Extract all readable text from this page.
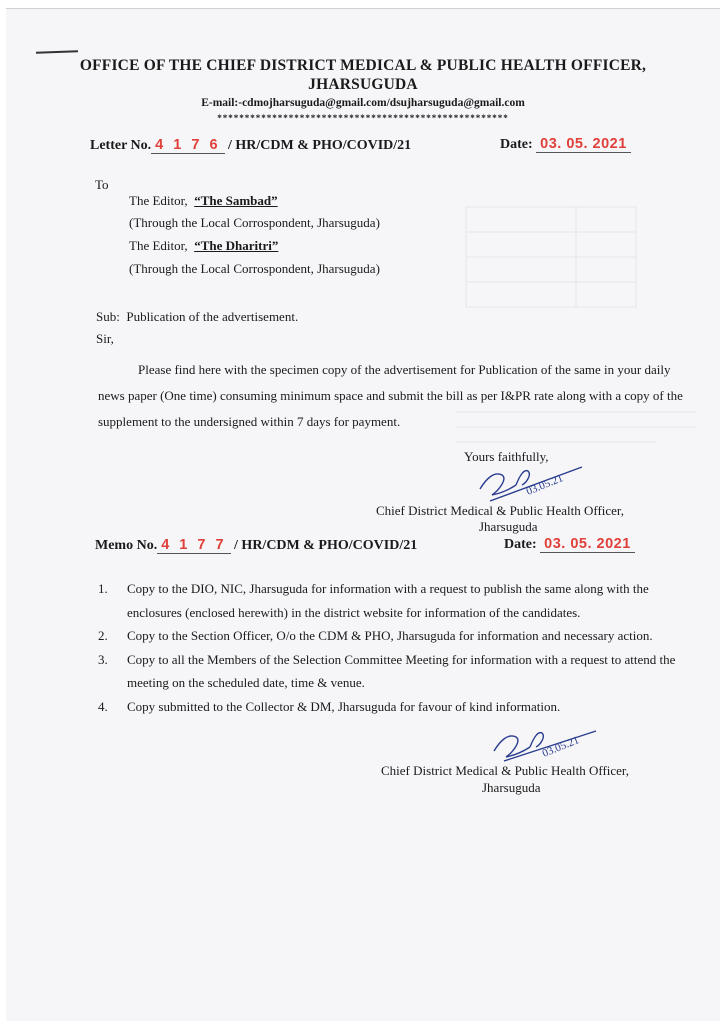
OFFICE OF THE CHIEF DISTRICT MEDICAL & PUBLIC HEALTH OFFICER,
JHARSUGUDA
E-mail:-cdmojharsuguda@gmail.com/dsujharsuguda@gmail.com
*****************************************************
Letter No. 4 1 7 6 / HR/CDM & PHO/COVID/21	Date: 03. 05. 2021
To
The Editor, “The Sambad”
(Through the Local Corrospondent, Jharsuguda)
The Editor, “The Dharitri”
(Through the Local Corrospondent, Jharsuguda)
Sub: Publication of the advertisement.
Sir,
Please find here with the specimen copy of the advertisement for Publication of the same in your daily news paper (One time) consuming minimum space and submit the bill as per I&PR rate along with a copy of the supplement to the undersigned within 7 days for payment.
Yours faithfully,
03.05.21
Chief District Medical & Public Health Officer,
Jharsuguda
Memo No. 4 1 7 7 / HR/CDM & PHO/COVID/21	Date: 03. 05. 2021
1. Copy to the DIO, NIC, Jharsuguda for information with a request to publish the same along with the enclosures (enclosed herewith) in the district website for information of the candidates.
2. Copy to the Section Officer, O/o the CDM & PHO, Jharsuguda for information and necessary action.
3. Copy to all the Members of the Selection Committee Meeting for information with a request to attend the meeting on the scheduled date, time & venue.
4. Copy submitted to the Collector & DM, Jharsuguda for favour of kind information.
03.05.21
Chief District Medical & Public Health Officer,
Jharsuguda
